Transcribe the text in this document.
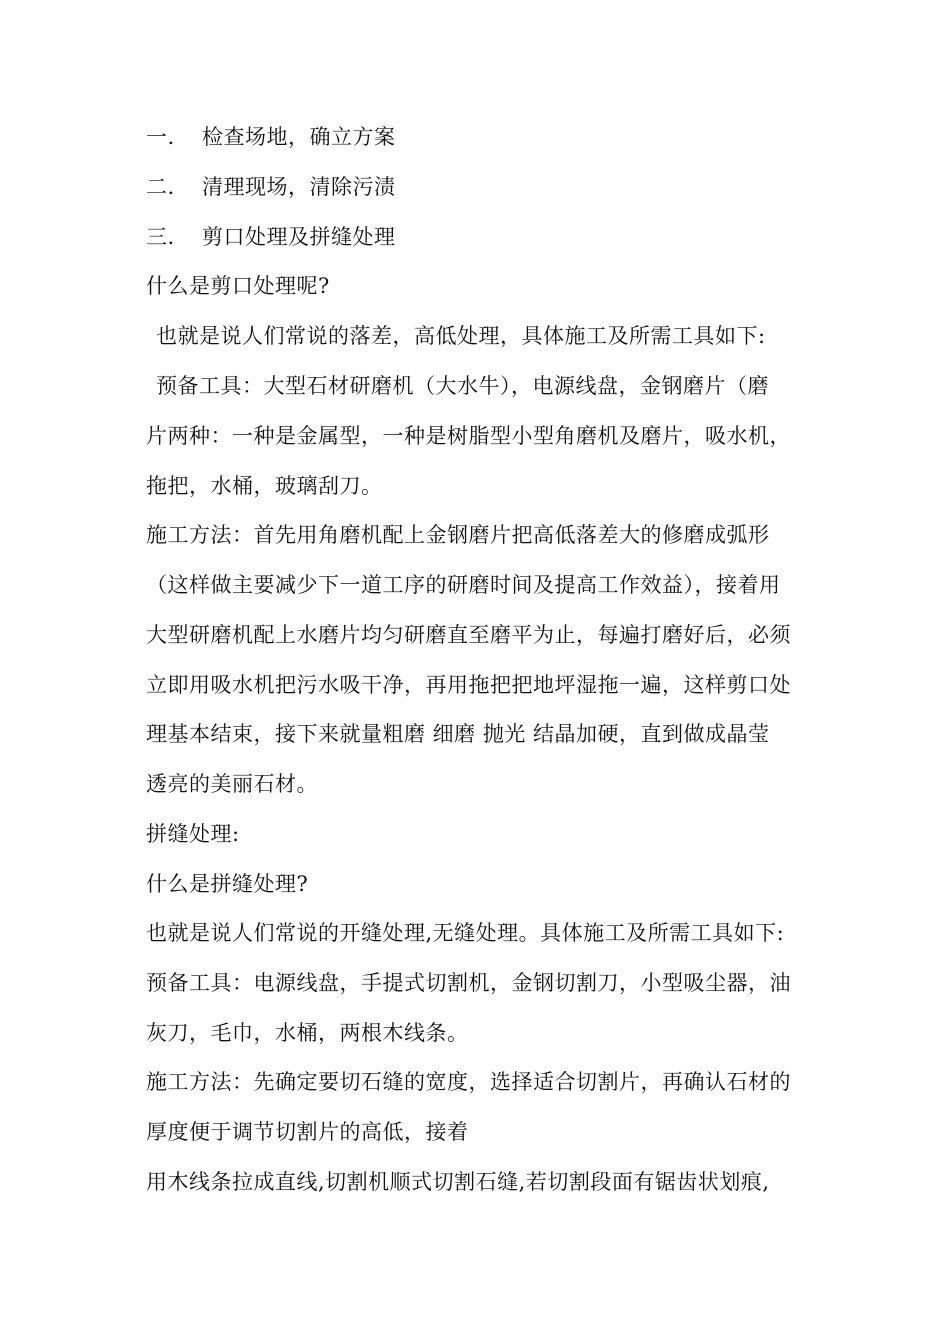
一. 检查场地，确立方案
二. 清理现场，清除污渍
三. 剪口处理及拼缝处理
什么是剪口处理呢?
也就是说人们常说的落差，高低处理，具体施工及所需工具如下:
预备工具：大型石材研磨机（大水牛），电源线盘，金钢磨片（磨
片两种：一种是金属型，一种是树脂型小型角磨机及磨片，吸水机，
拖把，水桶，玻璃刮刀。
施工方法：首先用角磨机配上金钢磨片把高低落差大的修磨成弧形
（这样做主要减少下一道工序的研磨时间及提高工作效益），接着用
大型研磨机配上水磨片均匀研磨直至磨平为止，每遍打磨好后，必须
立即用吸水机把污水吸干净，再用拖把把地坪湿拖一遍，这样剪口处
理基本结束，接下来就量粗磨 细磨 抛光 结晶加硬，直到做成晶莹
透亮的美丽石材。
拼缝处理:
什么是拼缝处理?
也就是说人们常说的开缝处理,无缝处理。具体施工及所需工具如下:
预备工具：电源线盘，手提式切割机，金钢切割刀，小型吸尘器，油
灰刀，毛巾，水桶，两根木线条。
施工方法：先确定要切石缝的宽度，选择适合切割片，再确认石材的
厚度便于调节切割片的高低，接着
用木线条拉成直线,切割机顺式切割石缝,若切割段面有锯齿状划痕,
